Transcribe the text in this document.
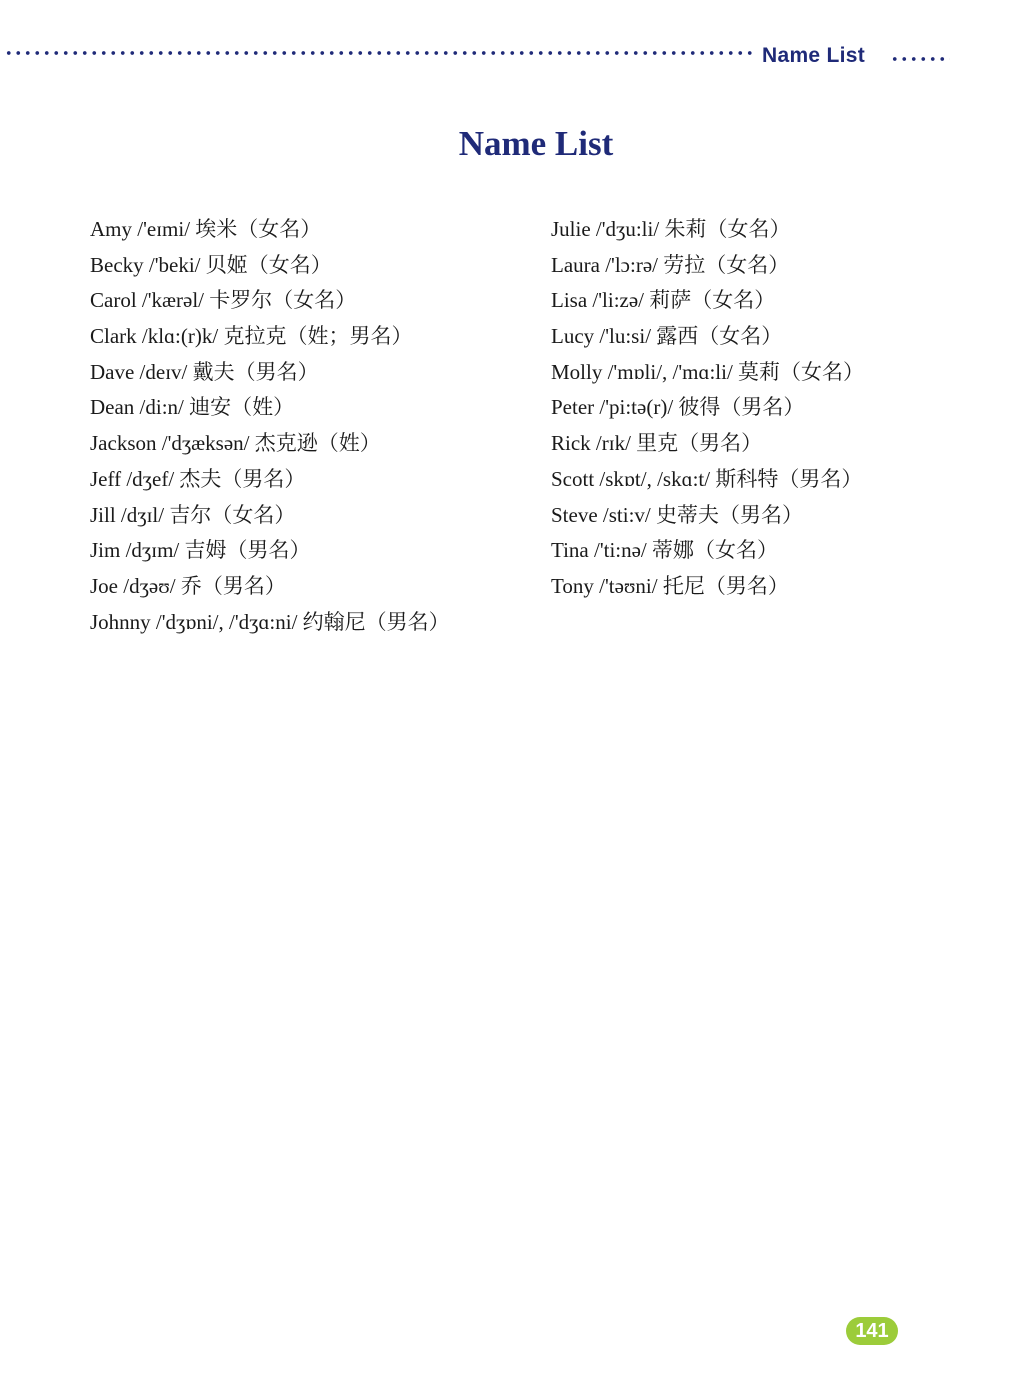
Name List
Name List
Amy /'eɪmi/ 埃米（女名）
Becky /'beki/ 贝姬（女名）
Carol /'kærəl/ 卡罗尔（女名）
Clark /klɑ:(r)k/ 克拉克（姓；男名）
Dave /deɪv/ 戴夫（男名）
Dean /di:n/ 迪安（姓）
Jackson /'dʒæksən/ 杰克逊（姓）
Jeff /dʒef/ 杰夫（男名）
Jill /dʒɪl/ 吉尔（女名）
Jim /dʒɪm/ 吉姆（男名）
Joe /dʒəʊ/ 乔（男名）
Johnny /'dʒɒni/, /'dʒɑ:ni/ 约翰尼（男名）
Julie /'dʒu:li/ 朱莉（女名）
Laura /'lɔ:rə/ 劳拉（女名）
Lisa /'li:zə/ 莉萨（女名）
Lucy /'lu:si/ 露西（女名）
Molly /'mɒli/, /'mɑ:li/ 莫莉（女名）
Peter /'pi:tə(r)/ 彼得（男名）
Rick /rɪk/ 里克（男名）
Scott /skɒt/, /skɑ:t/ 斯科特（男名）
Steve /sti:v/ 史蒂夫（男名）
Tina /'ti:nə/ 蒂娜（女名）
Tony /'təʊni/ 托尼（男名）
141
